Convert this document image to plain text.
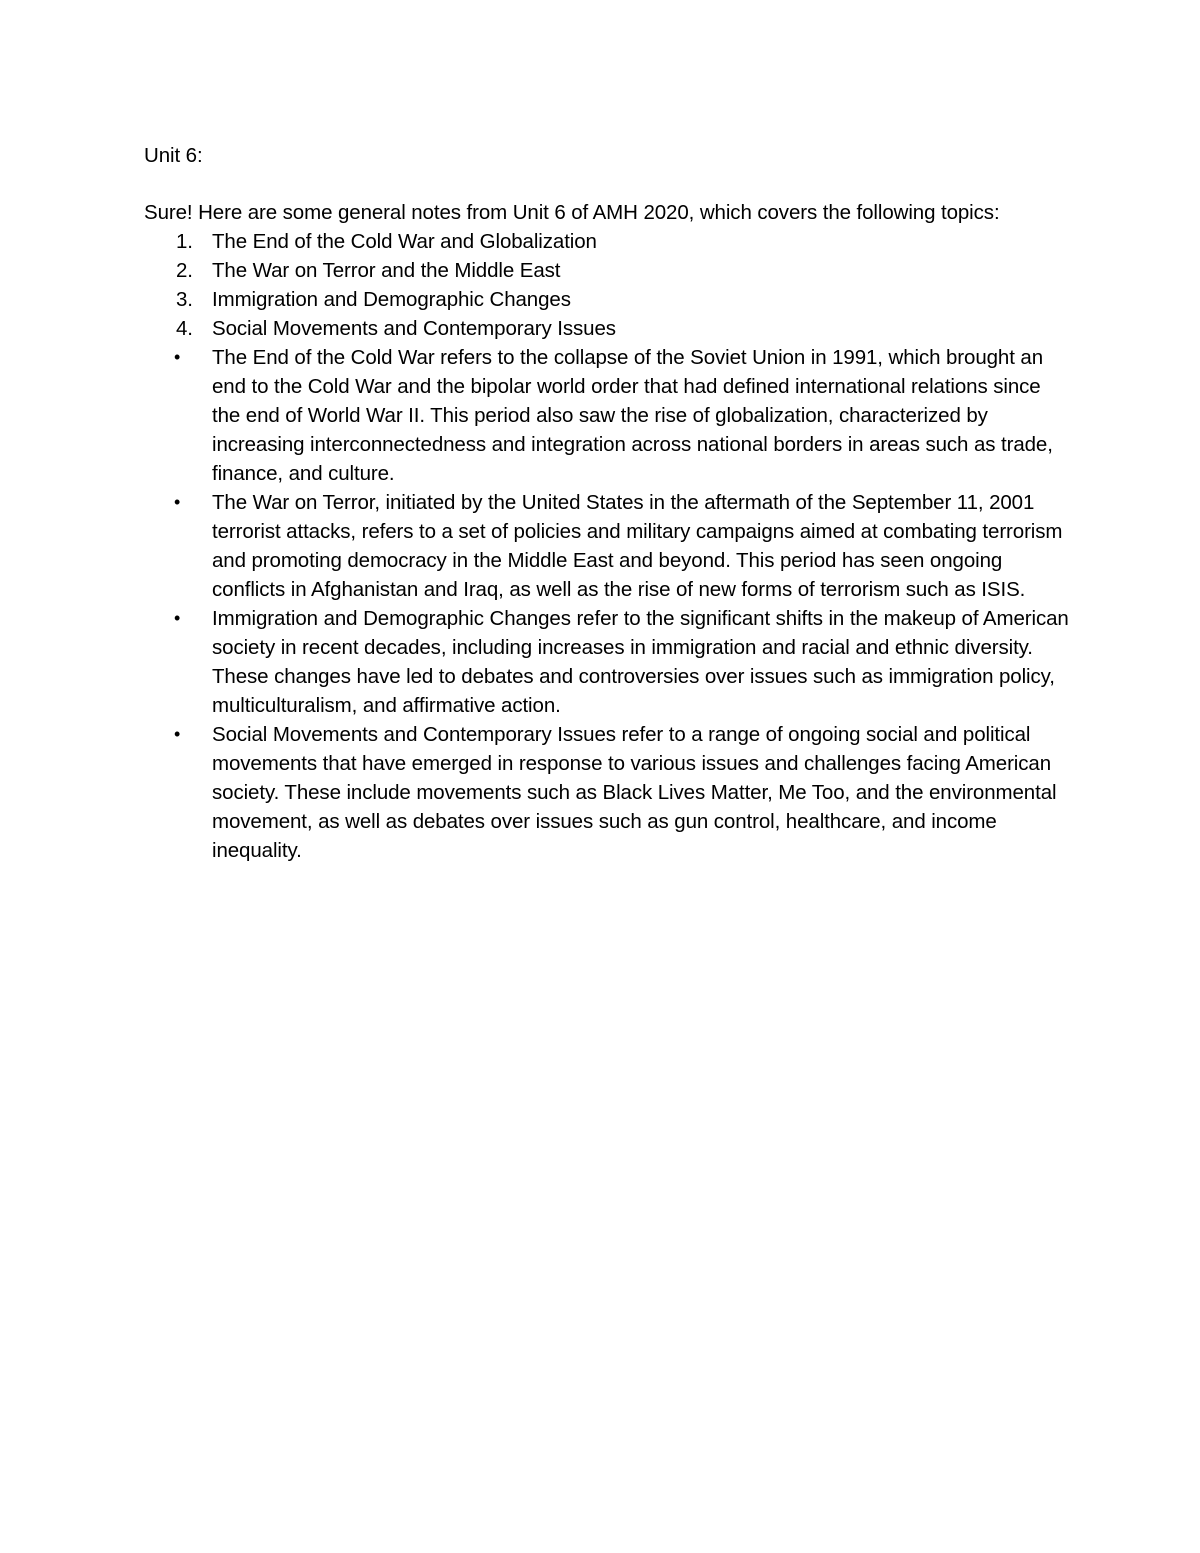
Unit 6:

Sure! Here are some general notes from Unit 6 of AMH 2020, which covers the following topics:

1. The End of the Cold War and Globalization
2. The War on Terror and the Middle East
3. Immigration and Demographic Changes
4. Social Movements and Contemporary Issues
• The End of the Cold War refers to the collapse of the Soviet Union in 1991, which brought an end to the Cold War and the bipolar world order that had defined international relations since the end of World War II. This period also saw the rise of globalization, characterized by increasing interconnectedness and integration across national borders in areas such as trade, finance, and culture.
• The War on Terror, initiated by the United States in the aftermath of the September 11, 2001 terrorist attacks, refers to a set of policies and military campaigns aimed at combating terrorism and promoting democracy in the Middle East and beyond. This period has seen ongoing conflicts in Afghanistan and Iraq, as well as the rise of new forms of terrorism such as ISIS.
• Immigration and Demographic Changes refer to the significant shifts in the makeup of American society in recent decades, including increases in immigration and racial and ethnic diversity. These changes have led to debates and controversies over issues such as immigration policy, multiculturalism, and affirmative action.
• Social Movements and Contemporary Issues refer to a range of ongoing social and political movements that have emerged in response to various issues and challenges facing American society. These include movements such as Black Lives Matter, Me Too, and the environmental movement, as well as debates over issues such as gun control, healthcare, and income inequality.
